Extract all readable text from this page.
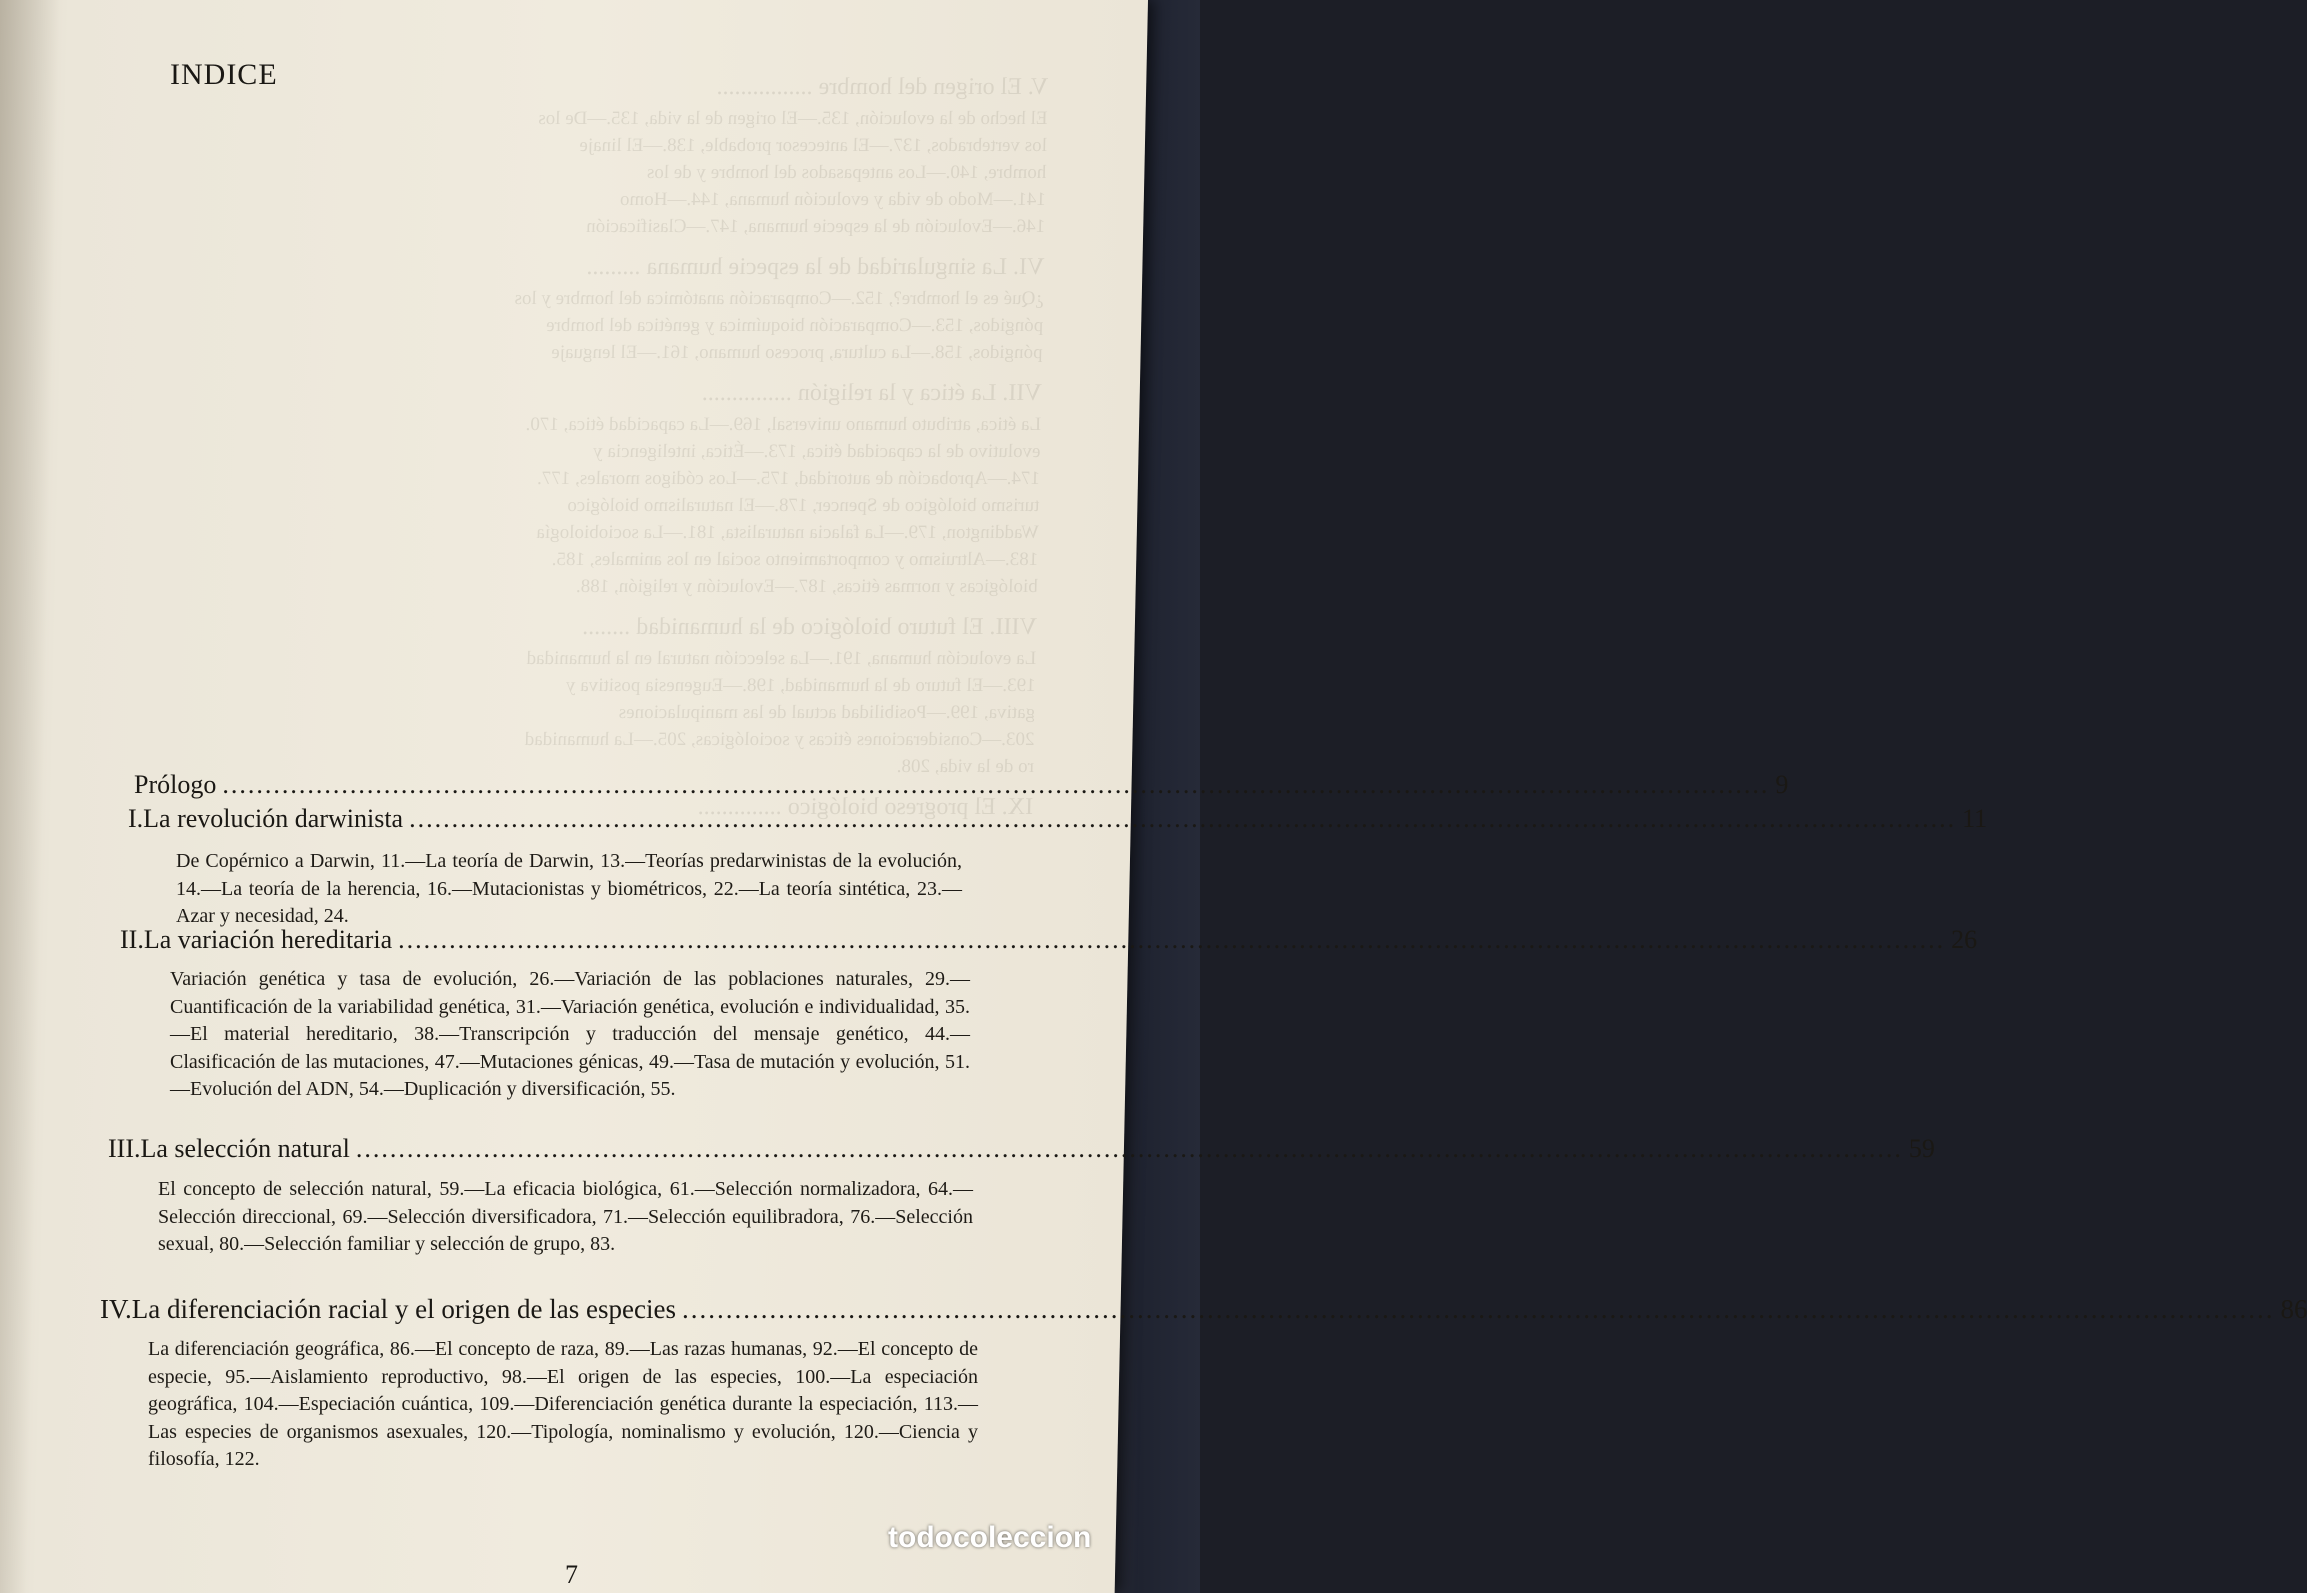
V. El origen del hombre ................
El hecho de la evolución, 135.—El origen de la vida, 135.—De los
los vertebrados, 137.—El antecesor probable, 138.—El linaje
hombre, 140.—Los antepasados del hombre y de los
141.—Modo de vida y evolución humana, 144.—Homo
146.—Evolución de la especie humana, 147.—Clasificación
VI. La singularidad de la especie humana .........
¿Qué es el hombre?, 152.—Comparación anatómica del hombre y los
póngidos, 153.—Comparación bioquímica y genética del hombre
póngidos, 158.—La cultura, proceso humano, 161.—El lenguaje
VII. La ética y la religión ...............
La ética, atributo humano universal, 169.—La capacidad ética, 170.
evolutivo de la capacidad ética, 173.—Ética, inteligencia y
174.—Aprobación de autoridad, 175.—Los códigos morales, 177.
turismo biológico de Spencer, 178.—El naturalismo biológico
Waddington, 179.—La falacia naturalista, 181.—La sociobiología
183.—Altruismo y comportamiento social en los animales, 185.
biológicas y normas éticas, 187.—Evolución y religión, 188.
VIII. El futuro biológico de la humanidad ........
La evolución humana, 191.—La selección natural en la humanidad
193.—El futuro de la humanidad, 198.—Eugenesia positiva y
gativa, 199.—Posibilidad actual de las manipulaciones
203.—Consideraciones éticas y sociológicas, 205.—La humanidad
ro de la vida, 208.
IX. El progreso biológico ..............
INDICE
Prólogo .....	9
I. La revolución darwinista .....	11
De Copérnico a Darwin, 11.—La teoría de Darwin, 13.—Teorías predarwinistas de la evolución, 14.—La teoría de la herencia, 16.—Mutacionistas y biométricos, 22.—La teoría sintética, 23.—Azar y necesidad, 24.
II. La variación hereditaria .....	26
Variación genética y tasa de evolución, 26.—Variación de las poblaciones naturales, 29.—Cuantificación de la variabilidad genética, 31.—Variación genética, evolución e individualidad, 35.—El material hereditario, 38.—Transcripción y traducción del mensaje genético, 44.—Clasificación de las mutaciones, 47.—Mutaciones génicas, 49.—Tasa de mutación y evolución, 51.—Evolución del ADN, 54.—Duplicación y diversificación, 55.
III. La selección natural .....	59
El concepto de selección natural, 59.—La eficacia biológica, 61.—Selección normalizadora, 64.—Selección direccional, 69.—Selección diversificadora, 71.—Selección equilibradora, 76.—Selección sexual, 80.—Selección familiar y selección de grupo, 83.
IV. La diferenciación racial y el origen de las especies .....	86
La diferenciación geográfica, 86.—El concepto de raza, 89.—Las razas humanas, 92.—El concepto de especie, 95.—Aislamiento reproductivo, 98.—El origen de las especies, 100.—La especiación geográfica, 104.—Especiación cuántica, 109.—Diferenciación genética durante la especiación, 113.—Las especies de organismos asexuales, 120.—Tipología, nominalismo y evolución, 120.—Ciencia y filosofía, 122.
7
todocoleccion
